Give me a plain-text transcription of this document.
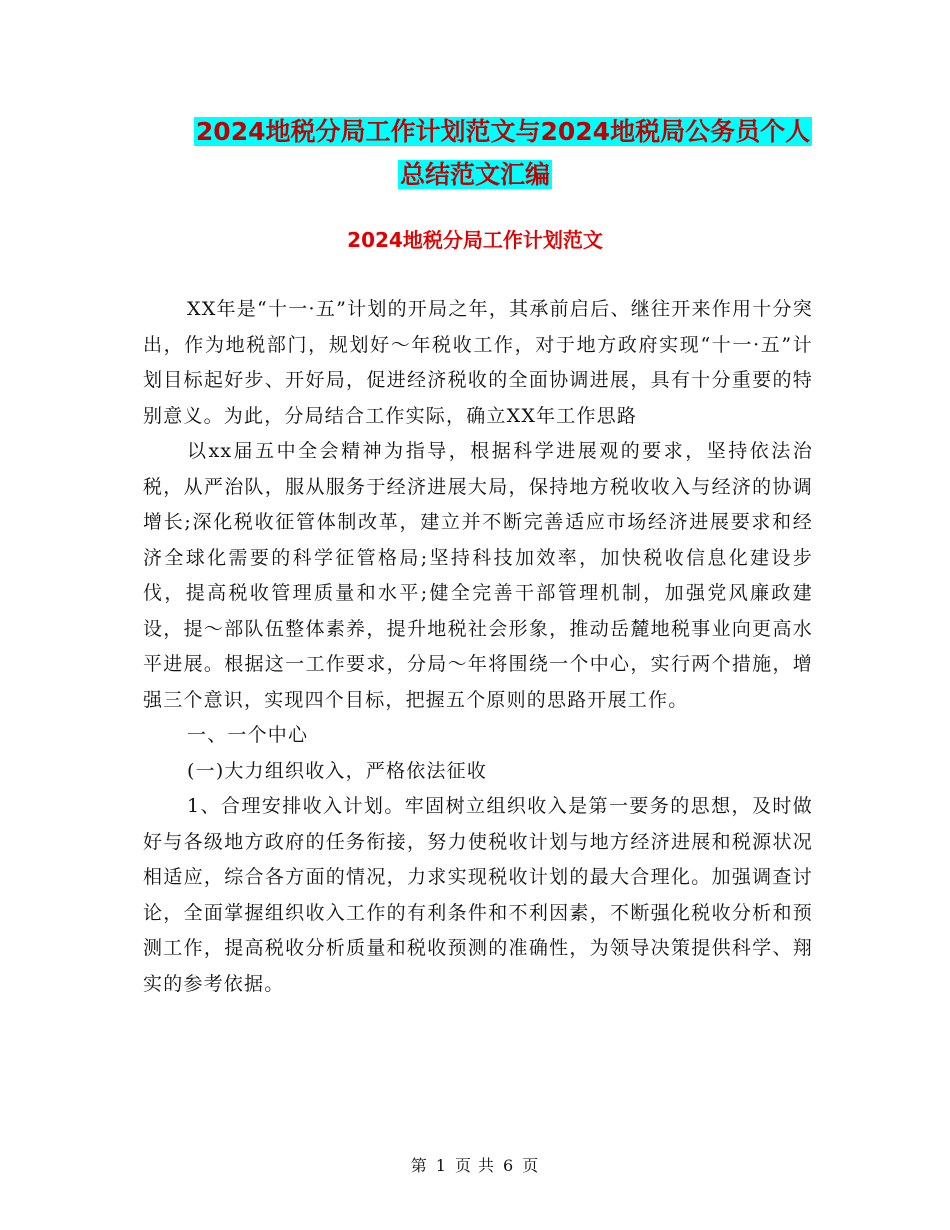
2024地税分局工作计划范文与2024地税局公务员个人
总结范文汇编
2024地税分局工作计划范文

XX年是“十一·五”计划的开局之年，其承前启后、继往开来作用十分突出，作为地税部门，规划好～年税收工作，对于地方政府实现“十一·五”计划目标起好步、开好局，促进经济税收的全面协调进展，具有十分重要的特别意义。为此，分局结合工作实际，确立XX年工作思路

以xx届五中全会精神为指导，根据科学进展观的要求，坚持依法治税，从严治队，服从服务于经济进展大局，保持地方税收收入与经济的协调增长;深化税收征管体制改革，建立并不断完善适应市场经济进展要求和经济全球化需要的科学征管格局;坚持科技加效率，加快税收信息化建设步伐，提高税收管理质量和水平;健全完善干部管理机制，加强党风廉政建设，提～部队伍整体素养，提升地税社会形象，推动岳麓地税事业向更高水平进展。根据这一工作要求，分局～年将围绕一个中心，实行两个措施，增强三个意识，实现四个目标，把握五个原则的思路开展工作。

一、一个中心

(一)大力组织收入，严格依法征收

1、合理安排收入计划。牢固树立组织收入是第一要务的思想，及时做好与各级地方政府的任务衔接，努力使税收计划与地方经济进展和税源状况相适应，综合各方面的情况，力求实现税收计划的最大合理化。加强调查讨论，全面掌握组织收入工作的有利条件和不利因素，不断强化税收分析和预测工作，提高税收分析质量和税收预测的准确性，为领导决策提供科学、翔实的参考依据。

第 1 页 共 6 页
